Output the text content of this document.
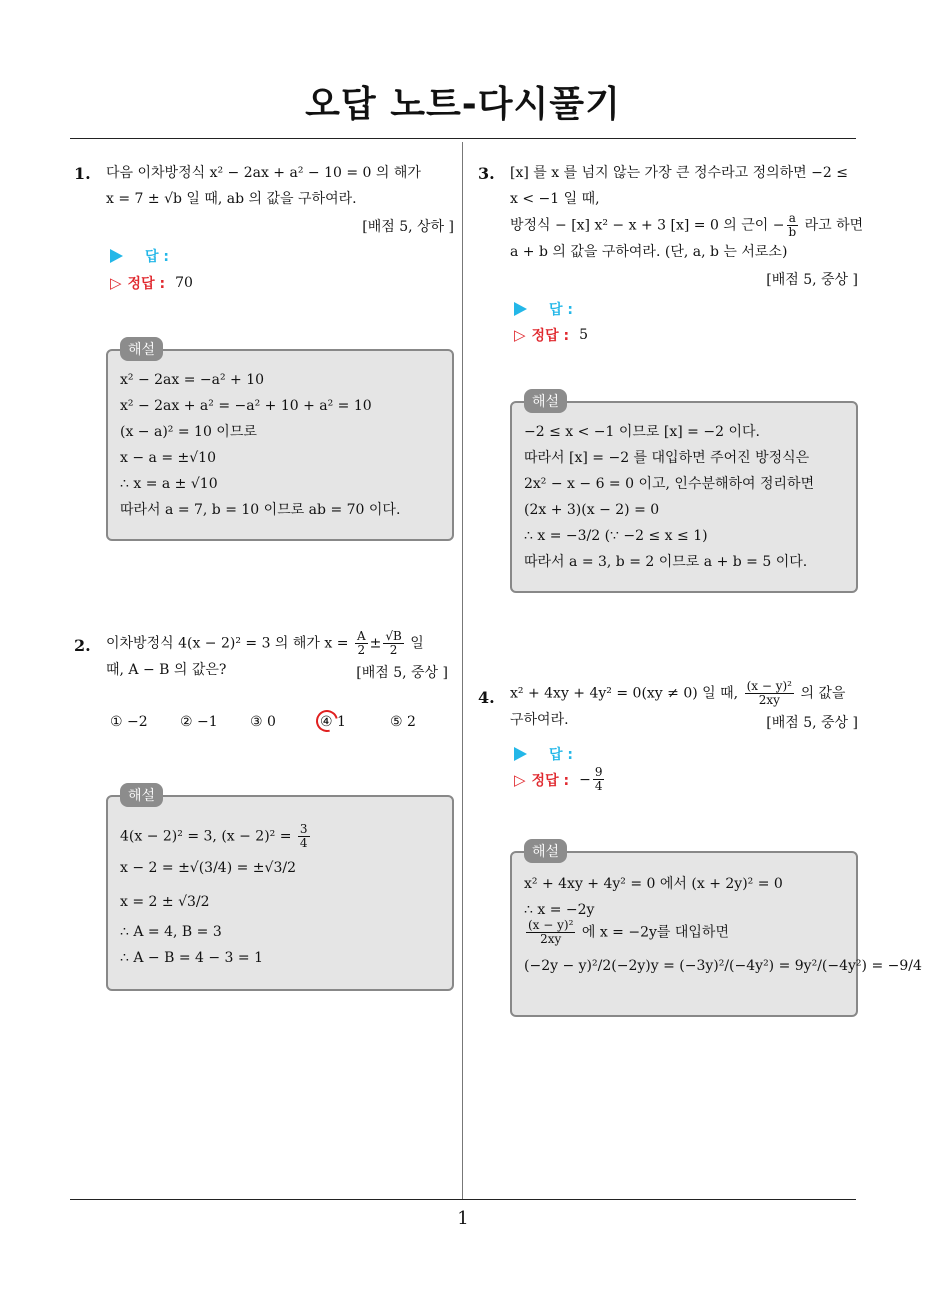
오답 노트-다시풀기
1
1. 다음 이차방정식 x² − 2ax + a² − 10 = 0 의 해가
x = 7 ± √b 일 때, ab 의 값을 구하여라.
[배점 5, 상하 ]
답 :
▷ 정답 : 70
해설
x² − 2ax = −a² + 10
x² − 2ax + a² = −a² + 10 + a² = 10
(x − a)² = 10 이므로
x − a = ±√10
∴ x = a ± √10
따라서 a = 7, b = 10 이므로 ab = 70 이다.
2. 이차방정식 4(x − 2)² = 3 의 해가 $x = \frac{A}{2} \pm \frac{√B}{2}$ 일
때, A − B 의 값은?	[배점 5, 중상 ]
① −2 ② −1 ③ 0	④ 1	⑤ 2
해설
4(x − 2)² = 3, $(x - 2)^2 = \frac{3}{4}$
x − 2 = ±√(3/4) = ±√3/2
x = 2 ± √3/2
∴ A = 4, B = 3
∴ A − B = 4 − 3 = 1
3. [x] 를 x 를 넘지 않는 가장 큰 정수라고 정의하면 −2 ≤
x < −1 일 때,
방정식 − [x] x² − x + 3 [x] = 0 의 근이 − $\frac{a}{b}$ 라고 하면
a + b 의 값을 구하여라. (단, a, b 는 서로소)
[배점 5, 중상 ]
답 :
▷ 정답 : 5
해설
−2 ≤ x < −1 이므로 [x] = −2 이다.
따라서 [x] = −2 를 대입하면 주어진 방정식은
2x² − x − 6 = 0 이고, 인수분해하여 정리하면
(2x + 3)(x − 2) = 0
∴ x = −3/2 (∵ −2 ≤ x ≤ 1)
따라서 a = 3, b = 2 이므로 a + b = 5 이다.
4. x² + 4xy + 4y² = 0(xy ≠ 0) 일 때, $\frac{\text{(x − y)²}}{2xy}$ 의 값을
구하여라.	[배점 5, 중상 ]
답 :
▷ 정답 : − $\frac{9}{4}$
해설
x² + 4xy + 4y² = 0 에서 (x + 2y)² = 0
∴ x = −2y
$\frac{\text{(x − y)²}}{2xy}$ 에 x = −2y를 대입하면
(−2y − y)²/2(−2y)y = (−3y)²/(−4y²) = 9y²/(−4y²) = −9/4
